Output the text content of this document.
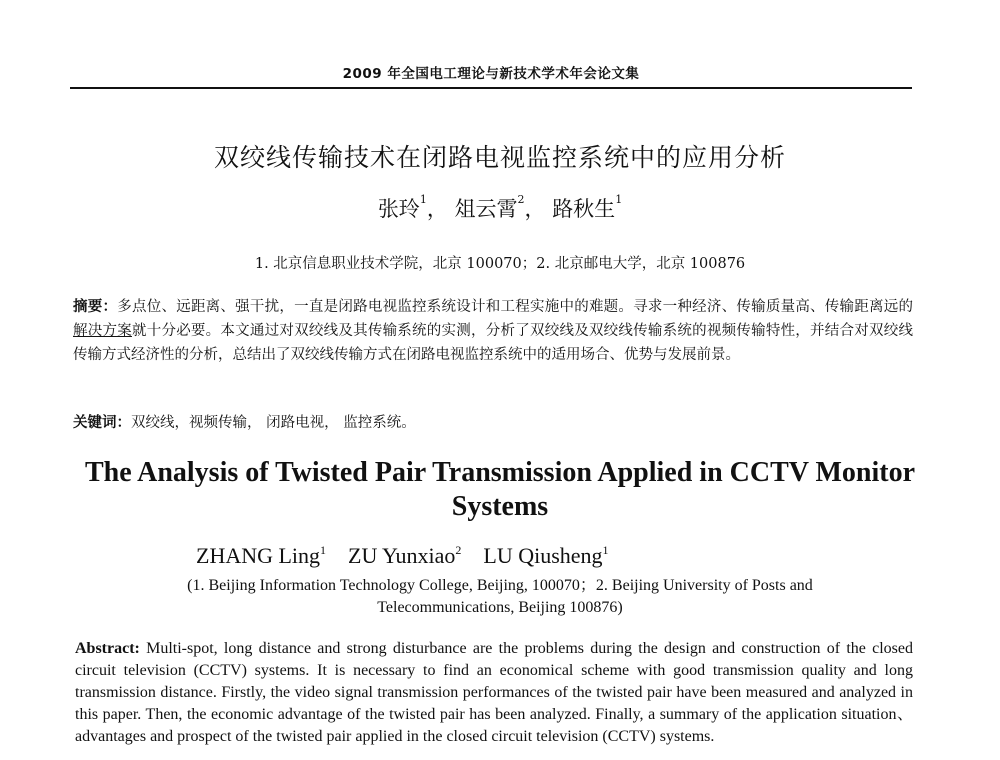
2009 年全国电工理论与新技术学术年会论文集
双绞线传输技术在闭路电视监控系统中的应用分析
张玲$^1$， 俎云霄$^2$， 路秋生$^1$
1. 北京信息职业技术学院，北京 100070；2. 北京邮电大学，北京 100876
摘要：多点位、远距离、强干扰，一直是闭路电视监控系统设计和工程实施中的难题。寻求一种经济、传输质量高、传输距离远的解决方案就十分必要。本文通过对双绞线及其传输系统的实测，分析了双绞线及双绞线传输系统的视频传输特性，并结合对双绞线传输方式经济性的分析，总结出了双绞线传输方式在闭路电视监控系统中的适用场合、优势与发展前景。
关键词：双绞线，视频传输， 闭路电视， 监控系统。
The Analysis of Twisted Pair Transmission Applied in CCTV Monitor Systems
ZHANG Ling$^1$ ZU Yunxiao$^2$ LU Qiusheng$^1$
(1. Beijing Information Technology College, Beijing, 100070；2. Beijing University of Posts and
Telecommunications, Beijing 100876)
Abstract: Multi-spot, long distance and strong disturbance are the problems during the design and construction of the closed circuit television (CCTV) systems. It is necessary to find an economical scheme with good transmission quality and long transmission distance. Firstly, the video signal transmission performances of the twisted pair have been measured and analyzed in this paper. Then, the economic advantage of the twisted pair has been analyzed. Finally, a summary of the application situation、advantages and prospect of the twisted pair applied in the closed circuit television (CCTV) systems.
